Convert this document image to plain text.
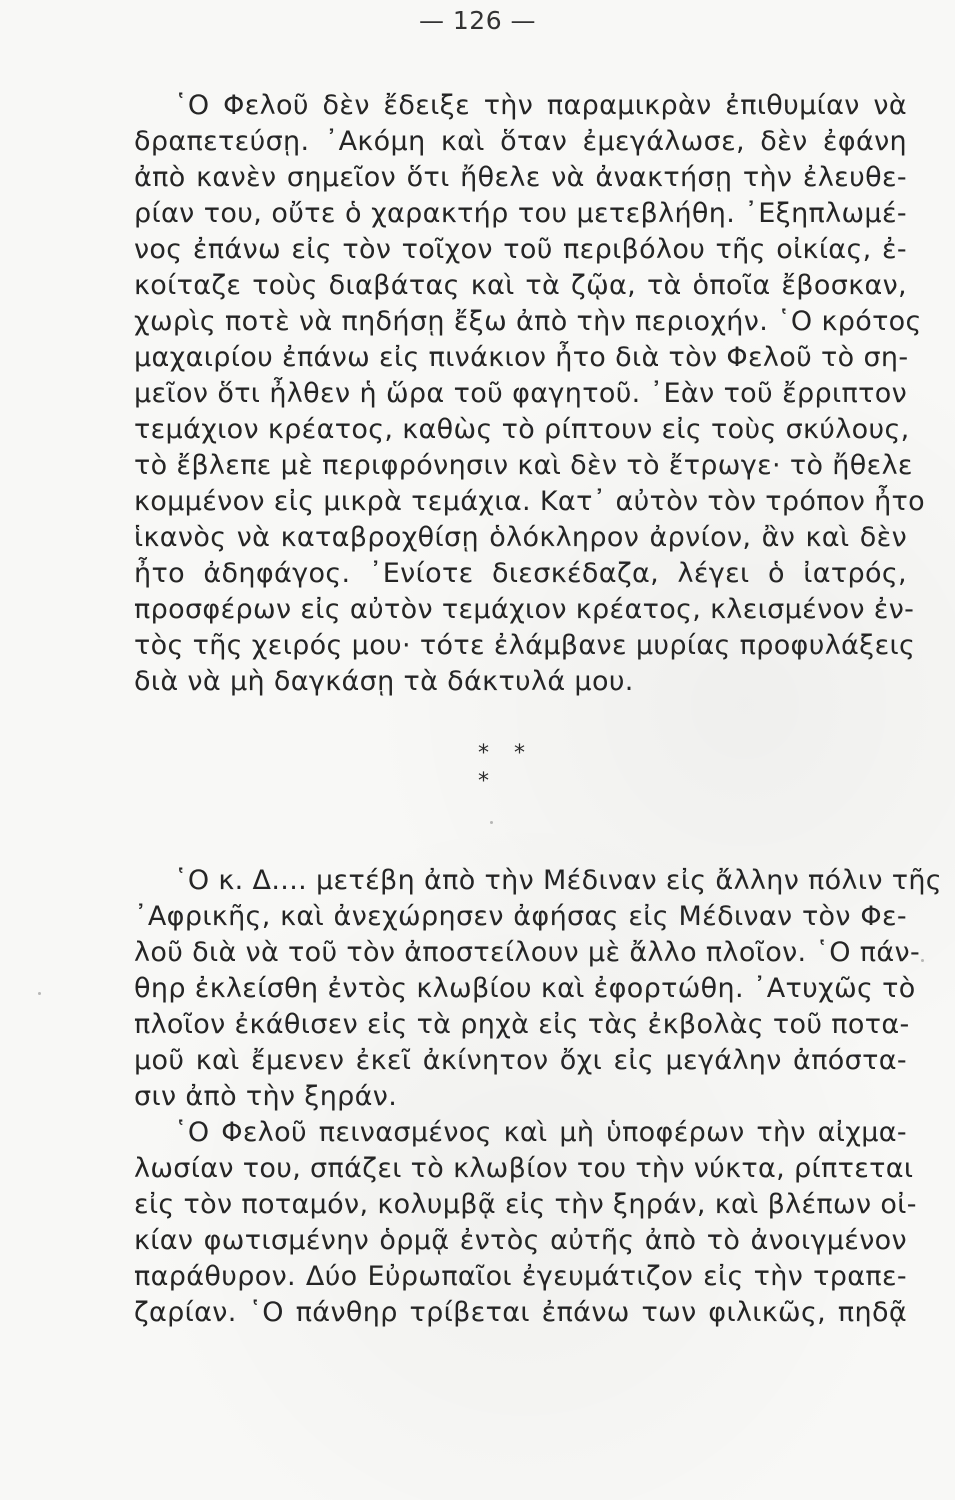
— 126 —
῾Ο Φελοῦ δὲν ἔδειξε τὴν παραμικρὰν ἐπιθυμίαν νὰ
δραπετεύσῃ. ᾿Ακόμη καὶ ὅταν ἐμεγάλωσε, δὲν ἐφάνη
ἀπὸ κανὲν σημεῖον ὅτι ἤθελε νὰ ἀνακτήσῃ τὴν ἐλευθε-
ρίαν του, οὔτε ὁ χαρακτήρ του μετεβλήθη. ᾿Εξηπλωμέ-
νος ἐπάνω εἰς τὸν τοῖχον τοῦ περιβόλου τῆς οἰκίας, ἐ-
κοίταζε τοὺς διαβάτας καὶ τὰ ζῷα, τὰ ὁποῖα ἔβοσκαν,
χωρὶς ποτὲ νὰ πηδήσῃ ἔξω ἀπὸ τὴν περιοχήν. ῾Ο κρότος
μαχαιρίου ἐπάνω εἰς πινάκιον ἦτο διὰ τὸν Φελοῦ τὸ ση-
μεῖον ὅτι ἦλθεν ἡ ὥρα τοῦ φαγητοῦ. ᾿Εὰν τοῦ ἔρριπτον
τεμάχιον κρέατος, καθὼς τὸ ρίπτουν εἰς τοὺς σκύλους,
τὸ ἔβλεπε μὲ περιφρόνησιν καὶ δὲν τὸ ἔτρωγε· τὸ ἤθελε
κομμένον εἰς μικρὰ τεμάχια. Κατ᾿ αὐτὸν τὸν τρόπον ἦτο
ἱκανὸς νὰ καταβροχθίσῃ ὁλόκληρον ἀρνίον, ἂν καὶ δὲν
ἦτο ἀδηφάγος. ᾿Ενίοτε διεσκέδαζα, λέγει ὁ ἰατρός,
προσφέρων εἰς αὐτὸν τεμάχιον κρέατος, κλεισμένον ἐν-
τὸς τῆς χειρός μου· τότε ἐλάμβανε μυρίας προφυλάξεις
διὰ νὰ μὴ δαγκάσῃ τὰ δάκτυλά μου.
* * *
῾Ο κ. Δ.... μετέβη ἀπὸ τὴν Μέδιναν εἰς ἄλλην πόλιν τῆς
᾿Αφρικῆς, καὶ ἀνεχώρησεν ἀφήσας εἰς Μέδιναν τὸν Φε-
λοῦ διὰ νὰ τοῦ τὸν ἀποστείλουν μὲ ἄλλο πλοῖον. ῾Ο πάν-
θηρ ἐκλείσθη ἐντὸς κλωβίου καὶ ἐφορτώθη. ᾿Ατυχῶς τὸ
πλοῖον ἐκάθισεν εἰς τὰ ρηχὰ εἰς τὰς ἐκβολὰς τοῦ ποτα-
μοῦ καὶ ἔμενεν ἐκεῖ ἀκίνητον ὄχι εἰς μεγάλην ἀπόστα-
σιν ἀπὸ τὴν ξηράν.
῾Ο Φελοῦ πεινασμένος καὶ μὴ ὑποφέρων τὴν αἰχμα-
λωσίαν του, σπάζει τὸ κλωβίον του τὴν νύκτα, ρίπτεται
εἰς τὸν ποταμόν, κολυμβᾷ εἰς τὴν ξηράν, καὶ βλέπων οἰ-
κίαν φωτισμένην ὁρμᾷ ἐντὸς αὐτῆς ἀπὸ τὸ ἀνοιγμένον
παράθυρον. Δύο Εὐρωπαῖοι ἐγευμάτιζον εἰς τὴν τραπε-
ζαρίαν. ῾Ο πάνθηρ τρίβεται ἐπάνω των φιλικῶς, πηδᾷ
